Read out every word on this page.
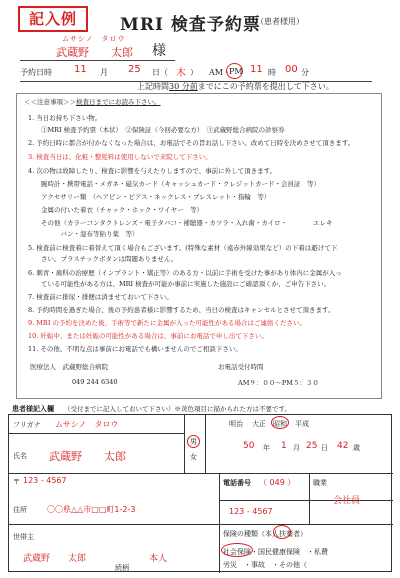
記入例	MRI 検査予約票
（患者様用）
ムサシノ　タロウ
武蔵野　　太郎 様
予約日時 11 月 25 日（ 木 ） AM・
PM 11 時 00 分
上記時間30 分前までにこの予約票を提出して下さい。
＜＜注意事項＞＞検査日までにお読み下さい。
1. 当日お持ち下さい物。
　　①MRI 検査予約票（本状）　②保険証（今回必要な方）　③武蔵野総合病院の診察券
2. 予約日時に都合が付かなくなった場合は、お電話でその旨お話し下さい。改めて日時を決めさせて頂きます。
3. 検査当日は、化粧・整髪料は使用しないで来院して下さい。
4. 次の物は故障したり、検査に影響を与えたりしますので、事前に外して頂きます。
　　腕時計・携帯電話・メガネ・磁気カード（キャッシュカード・クレジットカード・会員証　等）
　　アクセサリー類　（ヘアピン・ピアス・ネックレス・ブレスレット・指輪　等）
　　金属の付いた着衣（チャック・ホック・ワイヤー　等）
　　その他（カラーコンタクトレンズ・電子タバコ・補聴器・カツラ・入れ歯・カイロ・　　　　エレキ
　　　　　バン・湿布等貼り薬　等）
5. 検査前に検査着に着替えて頂く場合もございます。(特殊な素材（遠赤外線効果など）の下着は避けて下
　　さい。プラスチックボタンは問題ありません。
6. 刺青・歯科の治療歴（インプラント・矯正等）のある方・以前に手術を受けた事があり体内に金属が入っ
　　ている可能性がある方は、MRI 検査が可能か事前に実施した施設にご確認頂くか、ご申告下さい。
7. 検査前に排尿・排便は済ませておいて下さい。
8. 予約時間を過ぎた場合、後の予約患者様に影響するため、当日の検査はキャンセルとさせて頂きます。
9. MRI の予約を決めた後、手術等で新たに金属が入った可能性がある場合はご連絡ください。
10. 妊娠中、または妊娠の可能性がある場合は、事前にお電話で申し出て下さい。
11. その他、不明な点は事前にお電話でも構いませんのでご相談下さい。
医療法人　武蔵野総合病院
049 244 6340
お電話受付時間
AM９：００〜PM５：３０
患者様記入欄 （受付までに記入しておいて下さい）※黄色項目に描かられた方は不要です。
フリガナ ムサシノ　タロウ
氏名 武蔵野　　太郎
男
女
明治 大正 昭和 平成
50 年 1 月 25 日 42 歳
〒 123 - 4567
住所	〇〇県△△市□□町1-2-3
電話番号 （ 049 ）
123 - 4567
職業
会社員
世帯主
武蔵野　　太郎	本人
続柄
保険の種類（本人扶養者）
社会保険・国民健康保険　・私費
労災　・事故　・その他（
